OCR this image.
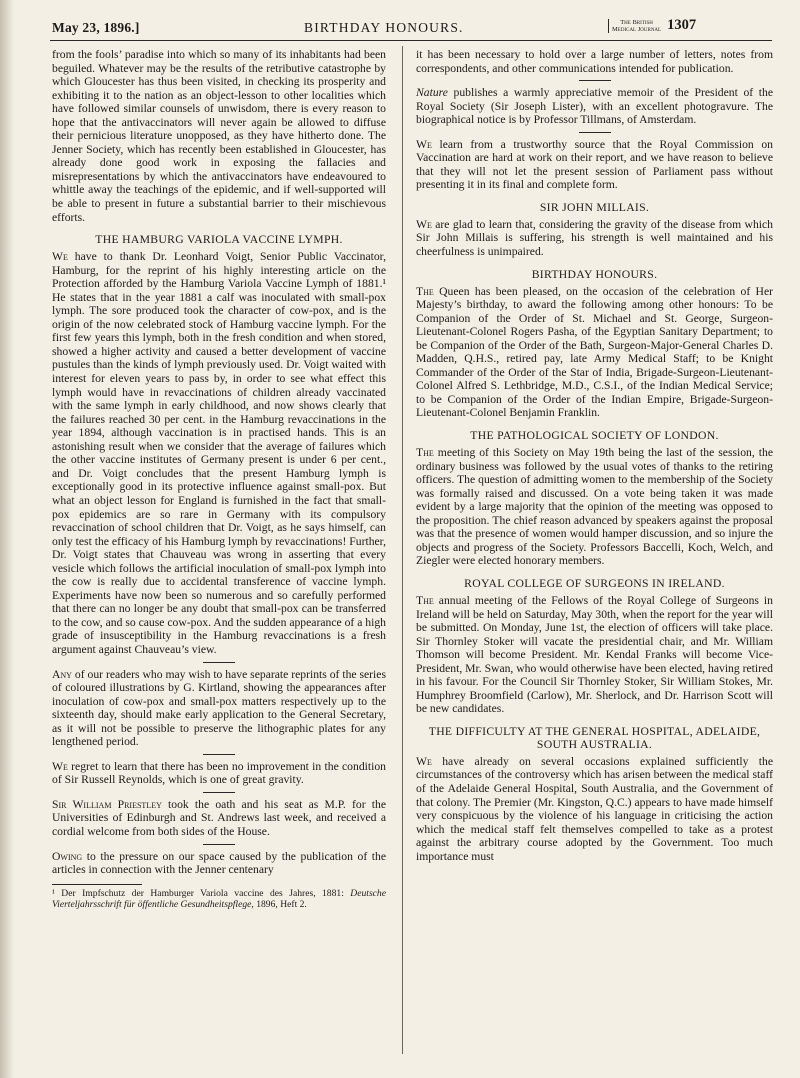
May 23, 1896.]	BIRTHDAY HONOURS.	The British
Medical Journal 1307

from the fools’ paradise into which so many of its inhabitants had been beguiled. Whatever may be the results of the retributive catastrophe by which Gloucester has thus been visited, in checking its prosperity and exhibiting it to the nation as an object-lesson to other localities which have followed similar counsels of unwisdom, there is every reason to hope that the antivaccinators will never again be allowed to diffuse their pernicious literature unopposed, as they have hitherto done. The Jenner Society, which has recently been established in Gloucester, has already done good work in exposing the fallacies and misrepresentations by which the antivaccinators have endeavoured to whittle away the teachings of the epidemic, and if well-supported will be able to present in future a substantial barrier to their mischievous efforts.

THE HAMBURG VARIOLA VACCINE LYMPH.

We have to thank Dr. Leonhard Voigt, Senior Public Vaccinator, Hamburg, for the reprint of his highly interesting article on the Protection afforded by the Hamburg Variola Vaccine Lymph of 1881.¹ He states that in the year 1881 a calf was inoculated with small-pox lymph. The sore produced took the character of cow-pox, and is the origin of the now celebrated stock of Hamburg vaccine lymph. For the first few years this lymph, both in the fresh condition and when stored, showed a higher activity and caused a better development of vaccine pustules than the kinds of lymph previously used. Dr. Voigt waited with interest for eleven years to pass by, in order to see what effect this lymph would have in revaccinations of children already vaccinated with the same lymph in early childhood, and now shows clearly that the failures reached 30 per cent. in the Hamburg revaccinations in the year 1894, although vaccination is in practised hands. This is an astonishing result when we consider that the average of failures which the other vaccine institutes of Germany present is under 6 per cent., and Dr. Voigt concludes that the present Hamburg lymph is exceptionally good in its protective influence against small-pox. But what an object lesson for England is furnished in the fact that small-pox epidemics are so rare in Germany with its compulsory revaccination of school children that Dr. Voigt, as he says himself, can only test the efficacy of his Hamburg lymph by revaccinations! Further, Dr. Voigt states that Chauveau was wrong in asserting that every vesicle which follows the artificial inoculation of small-pox lymph into the cow is really due to accidental transference of vaccine lymph. Experiments have now been so numerous and so carefully performed that there can no longer be any doubt that small-pox can be transferred to the cow, and so cause cow-pox. And the sudden appearance of a high grade of insusceptibility in the Hamburg revaccinations is a fresh argument against Chauveau’s view.

Any of our readers who may wish to have separate reprints of the series of coloured illustrations by G. Kirtland, showing the appearances after inoculation of cow-pox and small-pox matters respectively up to the sixteenth day, should make early application to the General Secretary, as it will not be possible to preserve the lithographic plates for any lengthened period.

We regret to learn that there has been no improvement in the condition of Sir Russell Reynolds, which is one of great gravity.

Sir William Priestley took the oath and his seat as M.P. for the Universities of Edinburgh and St. Andrews last week, and received a cordial welcome from both sides of the House.

Owing to the pressure on our space caused by the publication of the articles in connection with the Jenner centenary

¹ Der Impfschutz der Hamburger Variola vaccine des Jahres, 1881: Deutsche Vierteljahrsschrift für öffentliche Gesundheitspflege, 1896, Heft 2.

it has been necessary to hold over a large number of letters, notes from correspondents, and other communications intended for publication.

Nature publishes a warmly appreciative memoir of the President of the Royal Society (Sir Joseph Lister), with an excellent photogravure. The biographical notice is by Professor Tillmans, of Amsterdam.

We learn from a trustworthy source that the Royal Commission on Vaccination are hard at work on their report, and we have reason to believe that they will not let the present session of Parliament pass without presenting it in its final and complete form.

SIR JOHN MILLAIS.

We are glad to learn that, considering the gravity of the disease from which Sir John Millais is suffering, his strength is well maintained and his cheerfulness is unimpaired.

BIRTHDAY HONOURS.

The Queen has been pleased, on the occasion of the celebration of Her Majesty’s birthday, to award the following among other honours: To be Companion of the Order of St. Michael and St. George, Surgeon-Lieutenant-Colonel Rogers Pasha, of the Egyptian Sanitary Department; to be Companion of the Order of the Bath, Surgeon-Major-General Charles D. Madden, Q.H.S., retired pay, late Army Medical Staff; to be Knight Commander of the Order of the Star of India, Brigade-Surgeon-Lieutenant-Colonel Alfred S. Lethbridge, M.D., C.S.I., of the Indian Medical Service; to be Companion of the Order of the Indian Empire, Brigade-Surgeon-Lieutenant-Colonel Benjamin Franklin.

THE PATHOLOGICAL SOCIETY OF LONDON.

The meeting of this Society on May 19th being the last of the session, the ordinary business was followed by the usual votes of thanks to the retiring officers. The question of admitting women to the membership of the Society was formally raised and discussed. On a vote being taken it was made evident by a large majority that the opinion of the meeting was opposed to the proposition. The chief reason advanced by speakers against the proposal was that the presence of women would hamper discussion, and so injure the objects and progress of the Society. Professors Baccelli, Koch, Welch, and Ziegler were elected honorary members.

ROYAL COLLEGE OF SURGEONS IN IRELAND.

The annual meeting of the Fellows of the Royal College of Surgeons in Ireland will be held on Saturday, May 30th, when the report for the year will be submitted. On Monday, June 1st, the election of officers will take place. Sir Thornley Stoker will vacate the presidential chair, and Mr. William Thomson will become President. Mr. Kendal Franks will become Vice-President, Mr. Swan, who would otherwise have been elected, having retired in his favour. For the Council Sir Thornley Stoker, Sir William Stokes, Mr. Humphrey Broomfield (Carlow), Mr. Sherlock, and Dr. Harrison Scott will be new candidates.

THE DIFFICULTY AT THE GENERAL HOSPITAL, ADELAIDE, SOUTH AUSTRALIA.

We have already on several occasions explained sufficiently the circumstances of the controversy which has arisen between the medical staff of the Adelaide General Hospital, South Australia, and the Government of that colony. The Premier (Mr. Kingston, Q.C.) appears to have made himself very conspicuous by the violence of his language in criticising the action which the medical staff felt themselves compelled to take as a protest against the arbitrary course adopted by the Government. Too much importance must
